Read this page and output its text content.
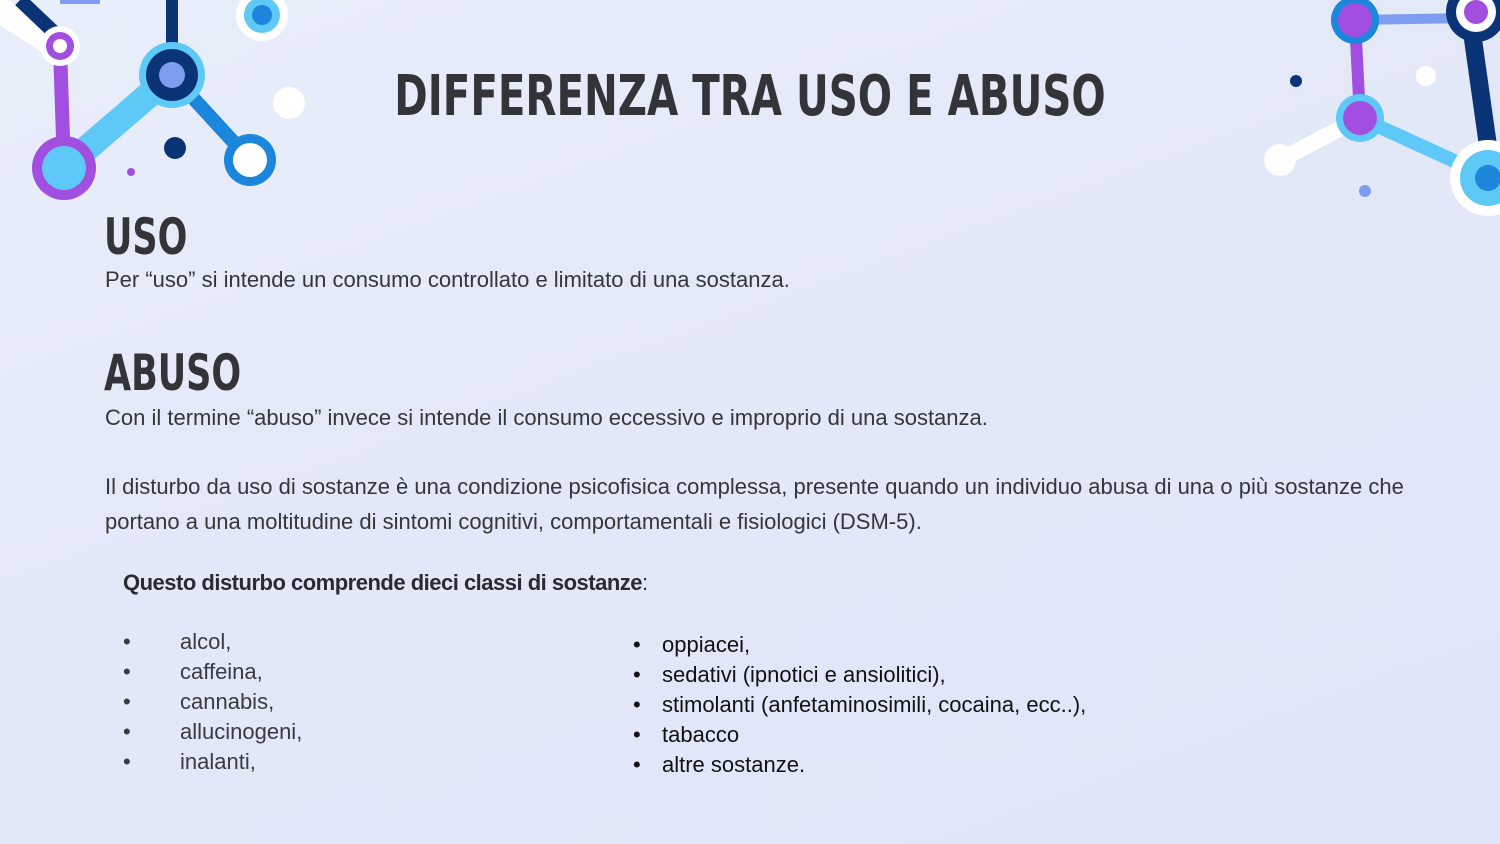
DIFFERENZA TRA USO E ABUSO
USO
Per “uso” si intende un consumo controllato e limitato di una sostanza.
ABUSO
Con il termine “abuso” invece si intende il consumo eccessivo e improprio di una sostanza.
Il disturbo da uso di sostanze è una condizione psicofisica complessa, presente quando un individuo abusa di una o più sostanze che portano a una moltitudine di sintomi cognitivi, comportamentali e fisiologici (DSM-5).
Questo disturbo comprende dieci classi di sostanze:
• alcol,
• caffeina,
• cannabis,
• allucinogeni,
• inalanti,
• oppiacei,
• sedativi (ipnotici e ansiolitici),
• stimolanti (anfetaminosimili, cocaina, ecc..),
• tabacco
• altre sostanze.
